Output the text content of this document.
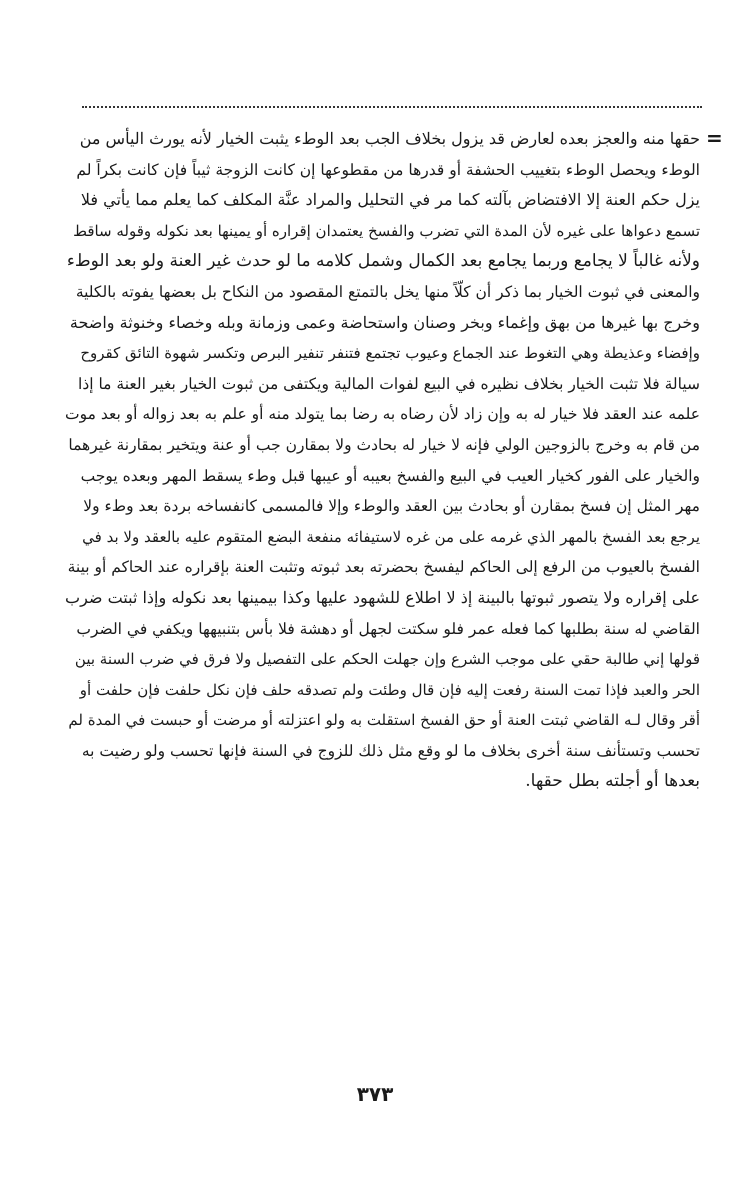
=
حقها منه والعجز بعده لعارض قد يزول بخلاف الجب بعد الوطء يثبت الخيار لأنه يورث اليأس من
الوطء ويحصل الوطء بتغييب الحشفة أو قدرها من مقطوعها إن كانت الزوجة ثيباً فإن كانت بكراً لم
يزل حكم العنة إلا الافتضاض بآلته كما مر في التحليل والمراد عنَّة المكلف كما يعلم مما يأتي فلا
تسمع دعواها على غيره لأن المدة التي تضرب والفسخ يعتمدان إقراره أو يمينها بعد نكوله وقوله ساقط
ولأنه غالباً لا يجامع وربما يجامع بعد الكمال وشمل كلامه ما لو حدث غير العنة ولو بعد الوطء
والمعنى في ثبوت الخيار بما ذكر أن كلّاً منها يخل بالتمتع المقصود من النكاح بل بعضها يفوته بالكلية
وخرج بها غيرها من بهق وإغماء وبخر وصنان واستحاضة وعمى وزمانة وبله وخصاء وخنوثة واضحة
وإفضاء وعذيطة وهي التغوط عند الجماع وعيوب تجتمع فتنفر تنفير البرص وتكسر شهوة التائق كقروح
سيالة فلا تثبت الخيار بخلاف نظيره في البيع لفوات المالية ويكتفى من ثبوت الخيار بغير العنة ما إذا
علمه عند العقد فلا خيار له به وإن زاد لأن رضاه به رضا بما يتولد منه أو علم به بعد زواله أو بعد موت
من قام به وخرج بالزوجين الولي فإنه لا خيار له بحادث ولا بمقارن جب أو عنة ويتخير بمقارنة غيرهما
والخيار على الفور كخيار العيب في البيع والفسخ بعيبه أو عيبها قبل وطء يسقط المهر وبعده يوجب
مهر المثل إن فسخ بمقارن أو بحادث بين العقد والوطء وإلا فالمسمى كانفساخه بردة بعد وطء ولا
يرجع بعد الفسخ بالمهر الذي غرمه على من غره لاستيفائه منفعة البضع المتقوم عليه بالعقد ولا بد في
الفسخ بالعيوب من الرفع إلى الحاكم ليفسخ بحضرته بعد ثبوته وتثبت العنة بإقراره عند الحاكم أو بينة
على إقراره ولا يتصور ثبوتها بالبينة إذ لا اطلاع للشهود عليها وكذا بيمينها بعد نكوله وإذا ثبتت ضرب
القاضي له سنة بطلبها كما فعله عمر فلو سكتت لجهل أو دهشة فلا بأس بتنبيهها ويكفي في الضرب
قولها إني طالبة حقي على موجب الشرع وإن جهلت الحكم على التفصيل ولا فرق في ضرب السنة بين
الحر والعبد فإذا تمت السنة رفعت إليه فإن قال وطئت ولم تصدقه حلف فإن نكل حلفت فإن حلفت أو
أقر وقال لـه القاضي ثبتت العنة أو حق الفسخ استقلت به ولو اعتزلته أو مرضت أو حبست في المدة لم
تحسب وتستأنف سنة أخرى بخلاف ما لو وقع مثل ذلك للزوج في السنة فإنها تحسب ولو رضيت به
بعدها أو أجلته بطل حقها.
٣٧٣
